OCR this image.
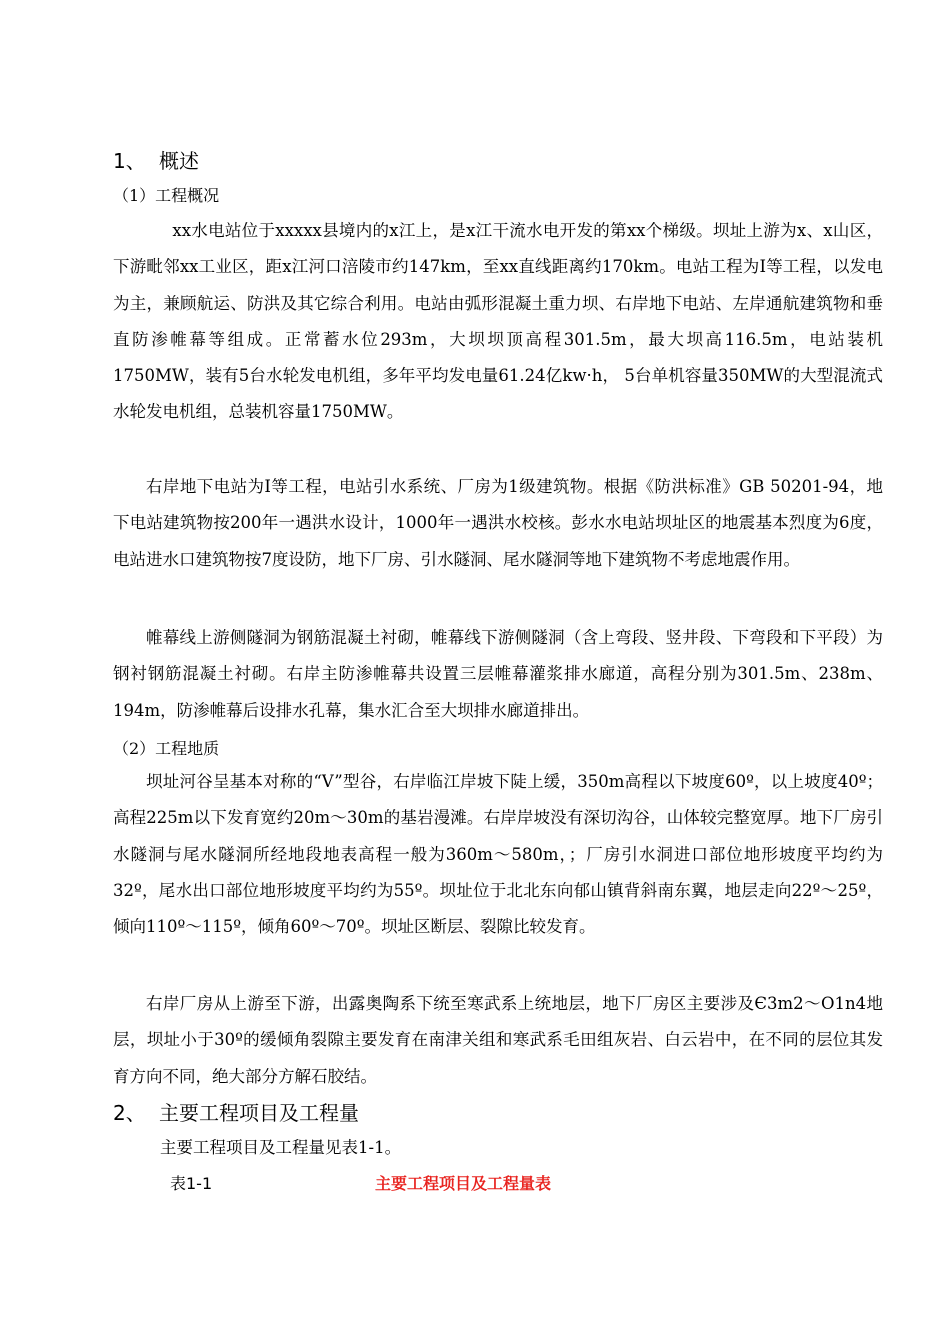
1、 概述
（1）工程概况

xx水电站位于xxxxx县境内的x江上，是x江干流水电开发的第xx个梯级。坝址上游为x、x山区，下游毗邻xx工业区，距x江河口涪陵市约147km，至xx直线距离约170km。电站工程为I等工程，以发电为主，兼顾航运、防洪及其它综合利用。电站由弧形混凝土重力坝、右岸地下电站、左岸通航建筑物和垂直防渗帷幕等组成。正常蓄水位293m，大坝坝顶高程301.5m，最大坝高116.5m，电站装机1750MW，装有5台水轮发电机组，多年平均发电量61.24亿kw·h， 5台单机容量350MW的大型混流式水轮发电机组，总装机容量1750MW。

右岸地下电站为Ⅰ等工程，电站引水系统、厂房为1级建筑物。根据《防洪标准》GB 50201-94，地下电站建筑物按200年一遇洪水设计，1000年一遇洪水校核。彭水水电站坝址区的地震基本烈度为6度，电站进水口建筑物按7度设防，地下厂房、引水隧洞、尾水隧洞等地下建筑物不考虑地震作用。

帷幕线上游侧隧洞为钢筋混凝土衬砌，帷幕线下游侧隧洞（含上弯段、竖井段、下弯段和下平段）为钢衬钢筋混凝土衬砌。右岸主防渗帷幕共设置三层帷幕灌浆排水廊道，高程分别为301.5m、238m、194m，防渗帷幕后设排水孔幕，集水汇合至大坝排水廊道排出。

（2）工程地质

坝址河谷呈基本对称的“V”型谷，右岸临江岸坡下陡上缓，350m高程以下坡度60º，以上坡度40º；高程225m以下发育宽约20m～30m的基岩漫滩。右岸岸坡没有深切沟谷，山体较完整宽厚。地下厂房引水隧洞与尾水隧洞所经地段地表高程一般为360m～580m，；厂房引水洞进口部位地形坡度平均约为32º，尾水出口部位地形坡度平均约为55º。坝址位于北北东向郁山镇背斜南东翼，地层走向22º～25º，倾向110º～115º，倾角60º～70º。坝址区断层、裂隙比较发育。

右岸厂房从上游至下游，出露奥陶系下统至寒武系上统地层，地下厂房区主要涉及Є3m2～O1n4地层，坝址小于30º的缓倾角裂隙主要发育在南津关组和寒武系毛田组灰岩、白云岩中，在不同的层位其发育方向不同，绝大部分方解石胶结。

2、 主要工程项目及工程量
主要工程项目及工程量见表1-1。
表1-1	主要工程项目及工程量表
